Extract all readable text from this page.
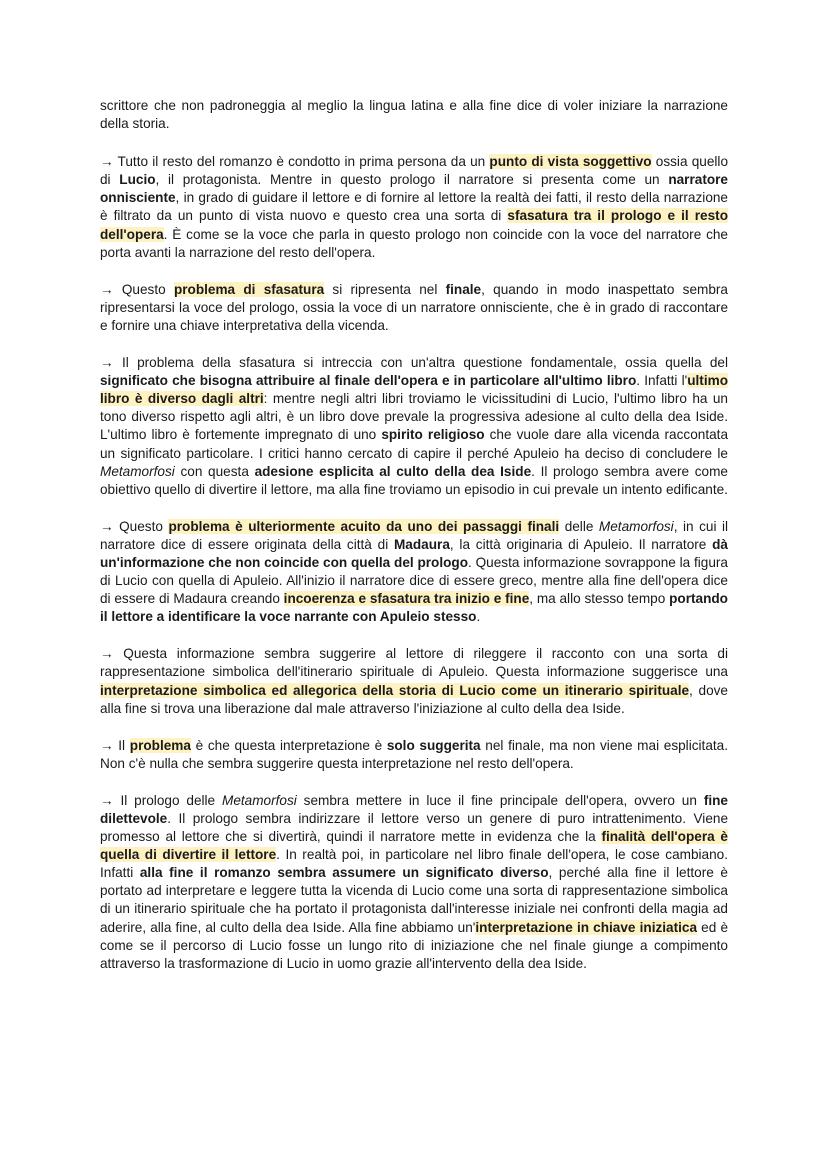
scrittore che non padroneggia al meglio la lingua latina e alla fine dice di voler iniziare la narrazione della storia.

→ Tutto il resto del romanzo è condotto in prima persona da un punto di vista soggettivo ossia quello di Lucio, il protagonista. Mentre in questo prologo il narratore si presenta come un narratore onnisciente, in grado di guidare il lettore e di fornire al lettore la realtà dei fatti, il resto della narrazione è filtrato da un punto di vista nuovo e questo crea una sorta di sfasatura tra il prologo e il resto dell'opera. È come se la voce che parla in questo prologo non coincide con la voce del narratore che porta avanti la narrazione del resto dell'opera.

→ Questo problema di sfasatura si ripresenta nel finale, quando in modo inaspettato sembra ripresentarsi la voce del prologo, ossia la voce di un narratore onnisciente, che è in grado di raccontare e fornire una chiave interpretativa della vicenda.

→ Il problema della sfasatura si intreccia con un'altra questione fondamentale, ossia quella del significato che bisogna attribuire al finale dell'opera e in particolare all'ultimo libro. Infatti l'ultimo libro è diverso dagli altri: mentre negli altri libri troviamo le vicissitudini di Lucio, l'ultimo libro ha un tono diverso rispetto agli altri, è un libro dove prevale la progressiva adesione al culto della dea Iside. L'ultimo libro è fortemente impregnato di uno spirito religioso che vuole dare alla vicenda raccontata un significato particolare. I critici hanno cercato di capire il perché Apuleio ha deciso di concludere le Metamorfosi con questa adesione esplicita al culto della dea Iside. Il prologo sembra avere come obiettivo quello di divertire il lettore, ma alla fine troviamo un episodio in cui prevale un intento edificante.

→ Questo problema è ulteriormente acuito da uno dei passaggi finali delle Metamorfosi, in cui il narratore dice di essere originata della città di Madaura, la città originaria di Apuleio. Il narratore dà un'informazione che non coincide con quella del prologo. Questa informazione sovrappone la figura di Lucio con quella di Apuleio. All'inizio il narratore dice di essere greco, mentre alla fine dell'opera dice di essere di Madaura creando incoerenza e sfasatura tra inizio e fine, ma allo stesso tempo portando il lettore a identificare la voce narrante con Apuleio stesso.

→ Questa informazione sembra suggerire al lettore di rileggere il racconto con una sorta di rappresentazione simbolica dell'itinerario spirituale di Apuleio. Questa informazione suggerisce una interpretazione simbolica ed allegorica della storia di Lucio come un itinerario spirituale, dove alla fine si trova una liberazione dal male attraverso l'iniziazione al culto della dea Iside.

→ Il problema è che questa interpretazione è solo suggerita nel finale, ma non viene mai esplicitata. Non c'è nulla che sembra suggerire questa interpretazione nel resto dell'opera.

→ Il prologo delle Metamorfosi sembra mettere in luce il fine principale dell'opera, ovvero un fine dilettevole. Il prologo sembra indirizzare il lettore verso un genere di puro intrattenimento. Viene promesso al lettore che si divertirà, quindi il narratore mette in evidenza che la finalità dell'opera è quella di divertire il lettore. In realtà poi, in particolare nel libro finale dell'opera, le cose cambiano. Infatti alla fine il romanzo sembra assumere un significato diverso, perché alla fine il lettore è portato ad interpretare e leggere tutta la vicenda di Lucio come una sorta di rappresentazione simbolica di un itinerario spirituale che ha portato il protagonista dall'interesse iniziale nei confronti della magia ad aderire, alla fine, al culto della dea Iside. Alla fine abbiamo un'interpretazione in chiave iniziatica ed è come se il percorso di Lucio fosse un lungo rito di iniziazione che nel finale giunge a compimento attraverso la trasformazione di Lucio in uomo grazie all'intervento della dea Iside.
